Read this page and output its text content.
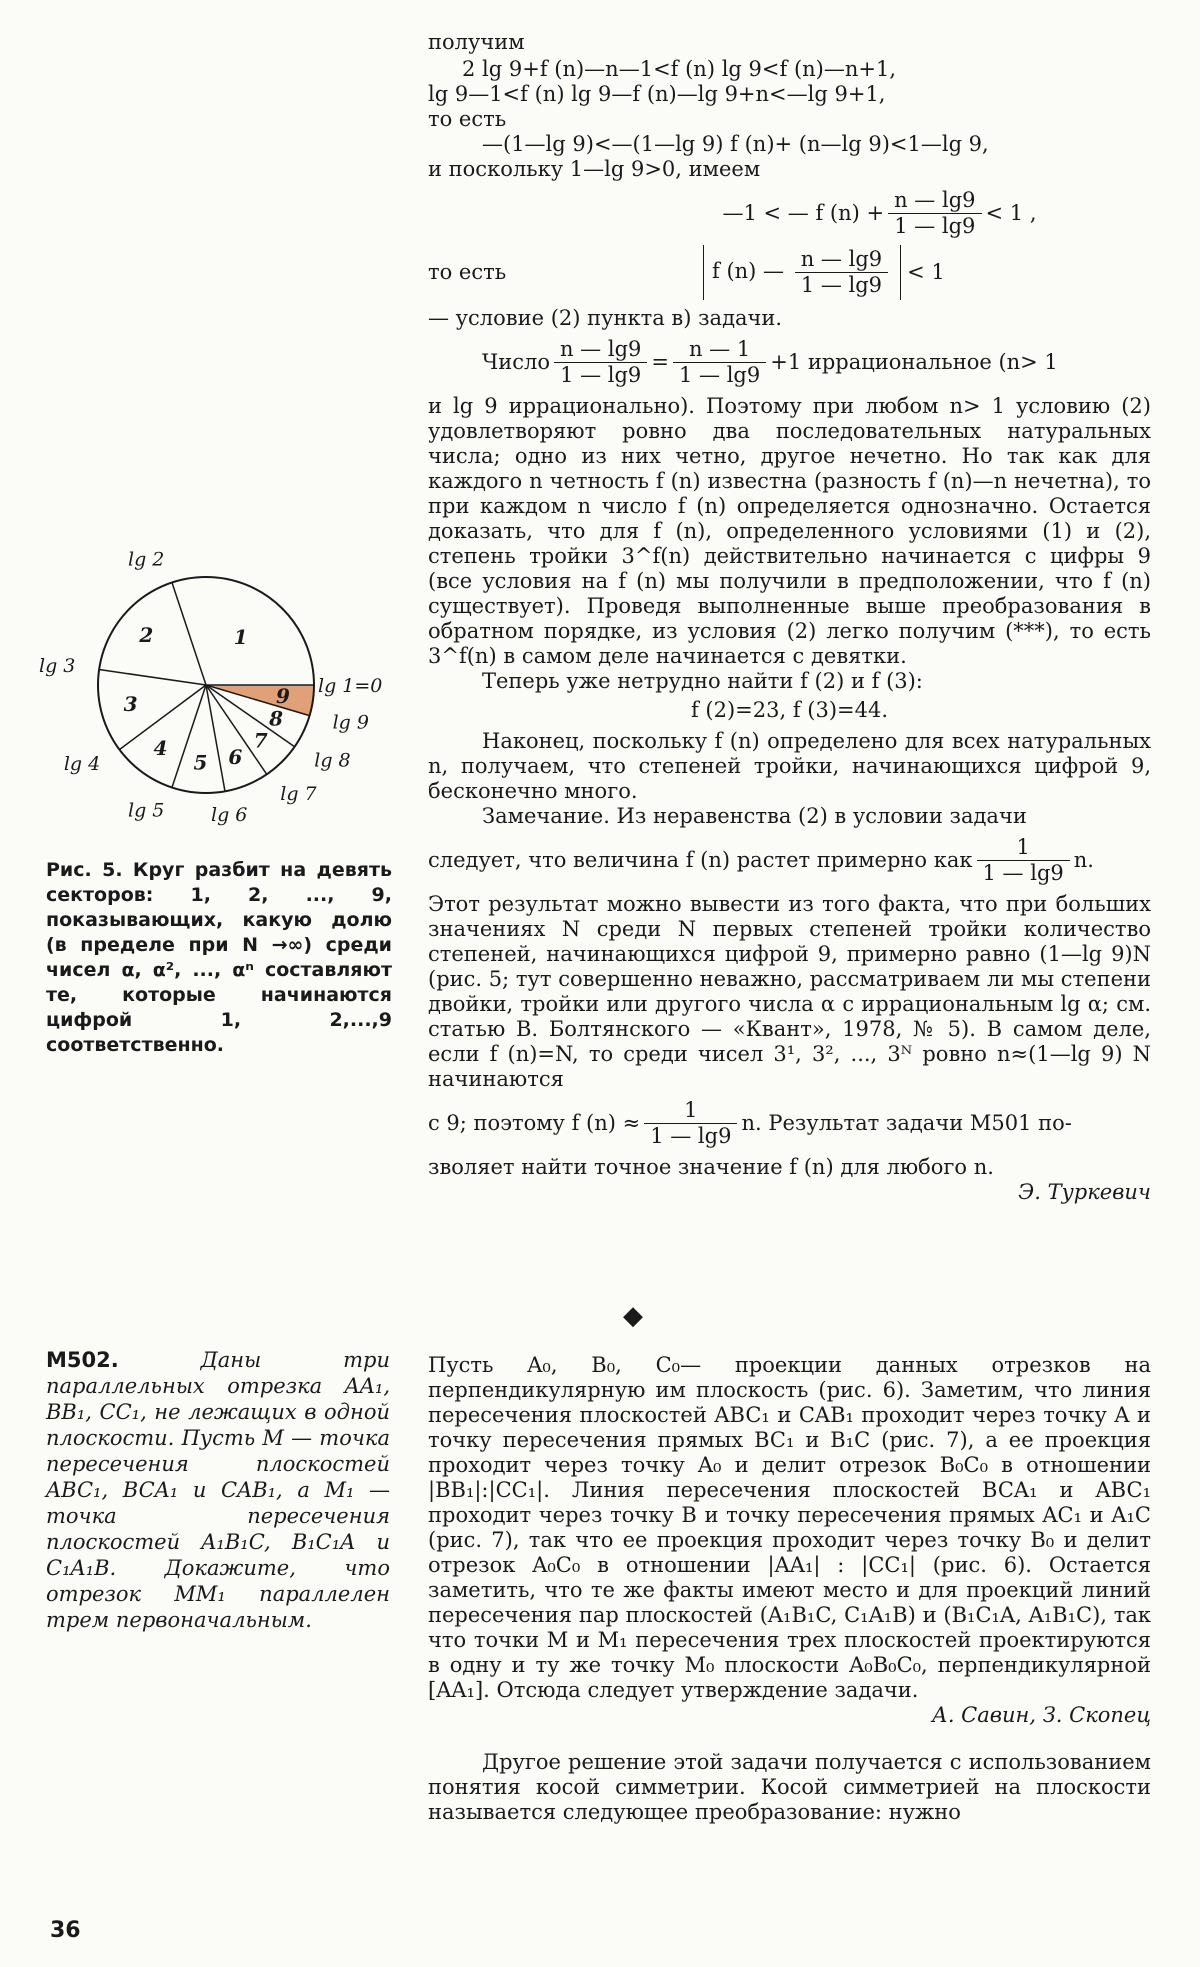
получим

2 lg 9+f (n)—n—1<f (n) lg 9<f (n)—n+1,

lg 9—1<f (n) lg 9—f (n)—lg 9+n<—lg 9+1,

то есть

—(1—lg 9)<—(1—lg 9) f (n)+ (n—lg 9)<1—lg 9,

и поскольку 1—lg 9>0, имеем

—1 < — f $(n) + \frac{n — \lg 9}{1 — \lg 9} < 1$ ,
то есть	f (n) — $\frac{n — \lg 9}{1 — \lg 9} < 1$

— условие (2) пункта в) задачи.

Число $\frac{n — \lg 9}{1 — \lg 9} = \frac{n — 1}{1 — \lg 9} +1$ иррациональное (n> 1

и lg 9 иррационально). Поэтому при любом n> 1 условию (2) удовлетворяют ровно два последовательных натуральных числа; одно из них четно, другое нечетно. Но так как для каждого n четность f (n) известна (разность f (n)—n нечетна), то при каждом n число f (n) определяется однозначно. Остается доказать, что для f (n), определенного условиями (1) и (2), степень тройки 3^f(n) действительно начинается с цифры 9 (все условия на f (n) мы получили в предположении, что f (n) существует). Проведя выполненные выше преобразования в обратном порядке, из условия (2) легко получим (***), то есть 3^f(n) в самом деле начинается с девятки.

Теперь уже нетрудно найти f (2) и f (3):

f (2)=23, f (3)=44.

Наконец, поскольку f (n) определено для всех натуральных n, получаем, что степеней тройки, начинающихся цифрой 9, бесконечно много.

Замечание. Из неравенства (2) в условии задачи

следует, что величина f (n) растет примерно как $\frac{1}{1 — \lg 9} n$.

Этот результат можно вывести из того факта, что при больших значениях N среди N первых степеней тройки количество степеней, начинающихся цифрой 9, примерно равно (1—lg 9)N (рис. 5; тут совершенно неважно, рассматриваем ли мы степени двойки, тройки или другого числа α с иррациональным lg α; см. статью В. Болтянского — «Квант», 1978, № 5). В самом деле, если f (n)=N, то среди чисел 3¹, 3², ..., 3ᴺ ровно n≈(1—lg 9) N начинаются

с 9; поэтому f $(n) \approx \frac{1}{1 — \lg 9} n$. Результат задачи М501 по-

зволяет найти точное значение f (n) для любого n.

Э. Туркевич

lg 2
lg 3
lg 4
lg 5 lg 6
lg 7
lg 8
lg 9
lg 1=0
1
2
3
4
5 6
7
8
9
Рис. 5. Круг разбит на девять секторов: 1, 2, ..., 9, показывающих, какую долю (в пределе при N →∞) среди чисел α, α², ..., αⁿ составляют те, которые начинаются цифрой 1, 2,...,9 соответственно.
◆
М502.	Даны три параллельных отрезка AA₁, BB₁, CC₁, не лежащих в одной плоскости. Пусть M — точка пересечения плоскостей ABC₁, BCA₁ и CAB₁, а M₁ — точка пересечения плоскостей A₁B₁C, B₁C₁A и C₁A₁B. Докажите, что отрезок MM₁ параллелен трем первоначальным.

Пусть A₀, B₀, C₀— проекции данных отрезков на перпендикулярную им плоскость (рис. 6). Заметим, что линия пересечения плоскостей ABC₁ и CAB₁ проходит через точку A и точку пересечения прямых BC₁ и B₁C (рис. 7), а ее проекция проходит через точку A₀ и делит отрезок B₀C₀ в отношении |BB₁|:|CC₁|. Линия пересечения плоскостей BCA₁ и ABC₁ проходит через точку B и точку пересечения прямых AC₁ и A₁C (рис. 7), так что ее проекция проходит через точку B₀ и делит отрезок A₀C₀ в отношении |AA₁| : |CC₁| (рис. 6). Остается заметить, что те же факты имеют место и для проекций линий пересечения пар плоскостей (A₁B₁C, C₁A₁B) и (B₁C₁A, A₁B₁C), так что точки M и M₁ пересечения трех плоскостей проектируются в одну и ту же точку M₀ плоскости A₀B₀C₀, перпендикулярной [AA₁]. Отсюда следует утверждение задачи.

А. Савин, З. Скопец

Другое решение этой задачи получается с использованием понятия косой симметрии. Косой симметрией на плоскости называется следующее преобразование: нужно

36
